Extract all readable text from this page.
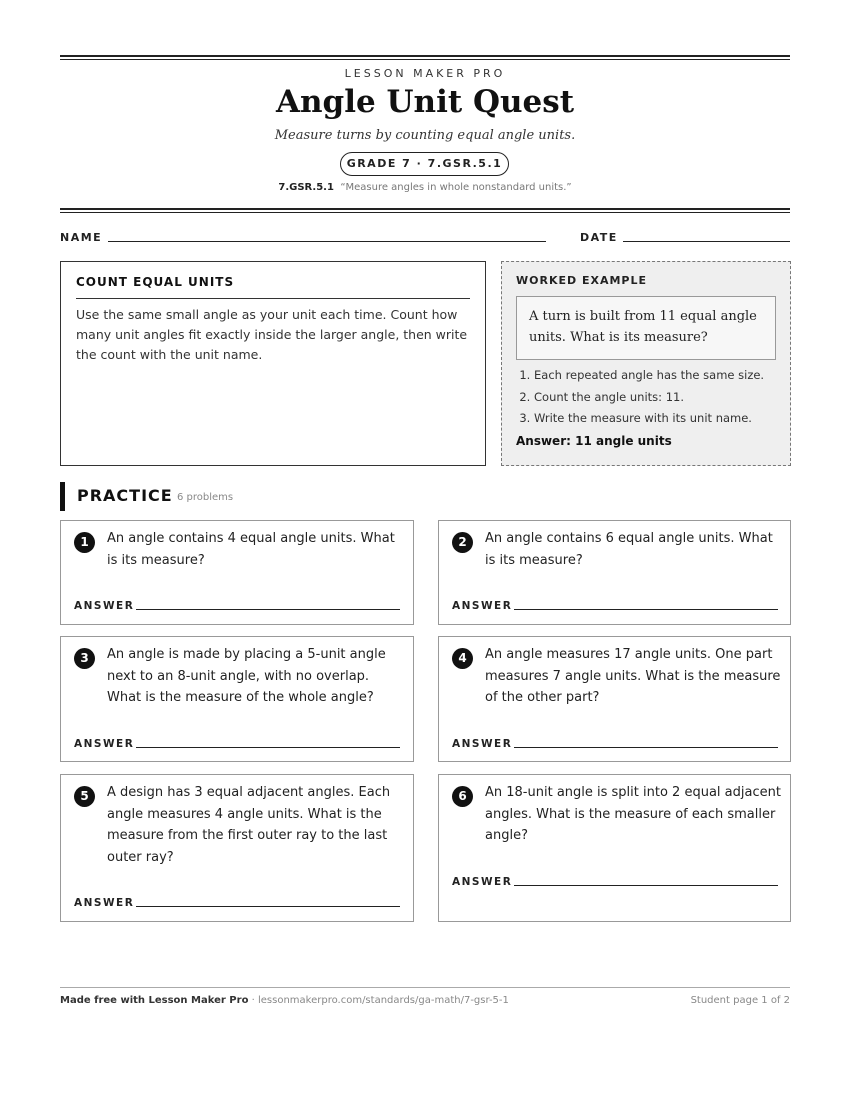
LESSON MAKER PRO
Angle Unit Quest
Measure turns by counting equal angle units.
GRADE 7 · 7.GSR.5.1
7.GSR.5.1 “Measure angles in whole nonstandard units.”
NAME	DATE
COUNT EQUAL UNITS
Use the same small angle as your unit each time. Count how many unit angles fit exactly inside the larger angle, then write the count with the unit name.
WORKED EXAMPLE
A turn is built from 11 equal angle units. What is its measure?
1. Each repeated angle has the same size.
2. Count the angle units: 11.
3. Write the measure with its unit name.
Answer: 11 angle units
PRACTICE 6 problems
1	An angle contains 4 equal angle units. What is its measure?
ANSWER
2	An angle contains 6 equal angle units. What is its measure?
ANSWER
3	An angle is made by placing a 5-unit angle next to an 8-unit angle, with no overlap. What is the measure of the whole angle?
ANSWER
4	An angle measures 17 angle units. One part measures 7 angle units. What is the measure of the other part?
ANSWER
5	A design has 3 equal adjacent angles. Each angle measures 4 angle units. What is the measure from the first outer ray to the last outer ray?
ANSWER
6	An 18-unit angle is split into 2 equal adjacent angles. What is the measure of each smaller angle?
ANSWER
Made free with Lesson Maker Pro · lessonmakerpro.com/standards/ga-math/7-gsr-5-1	Student page 1 of 2
